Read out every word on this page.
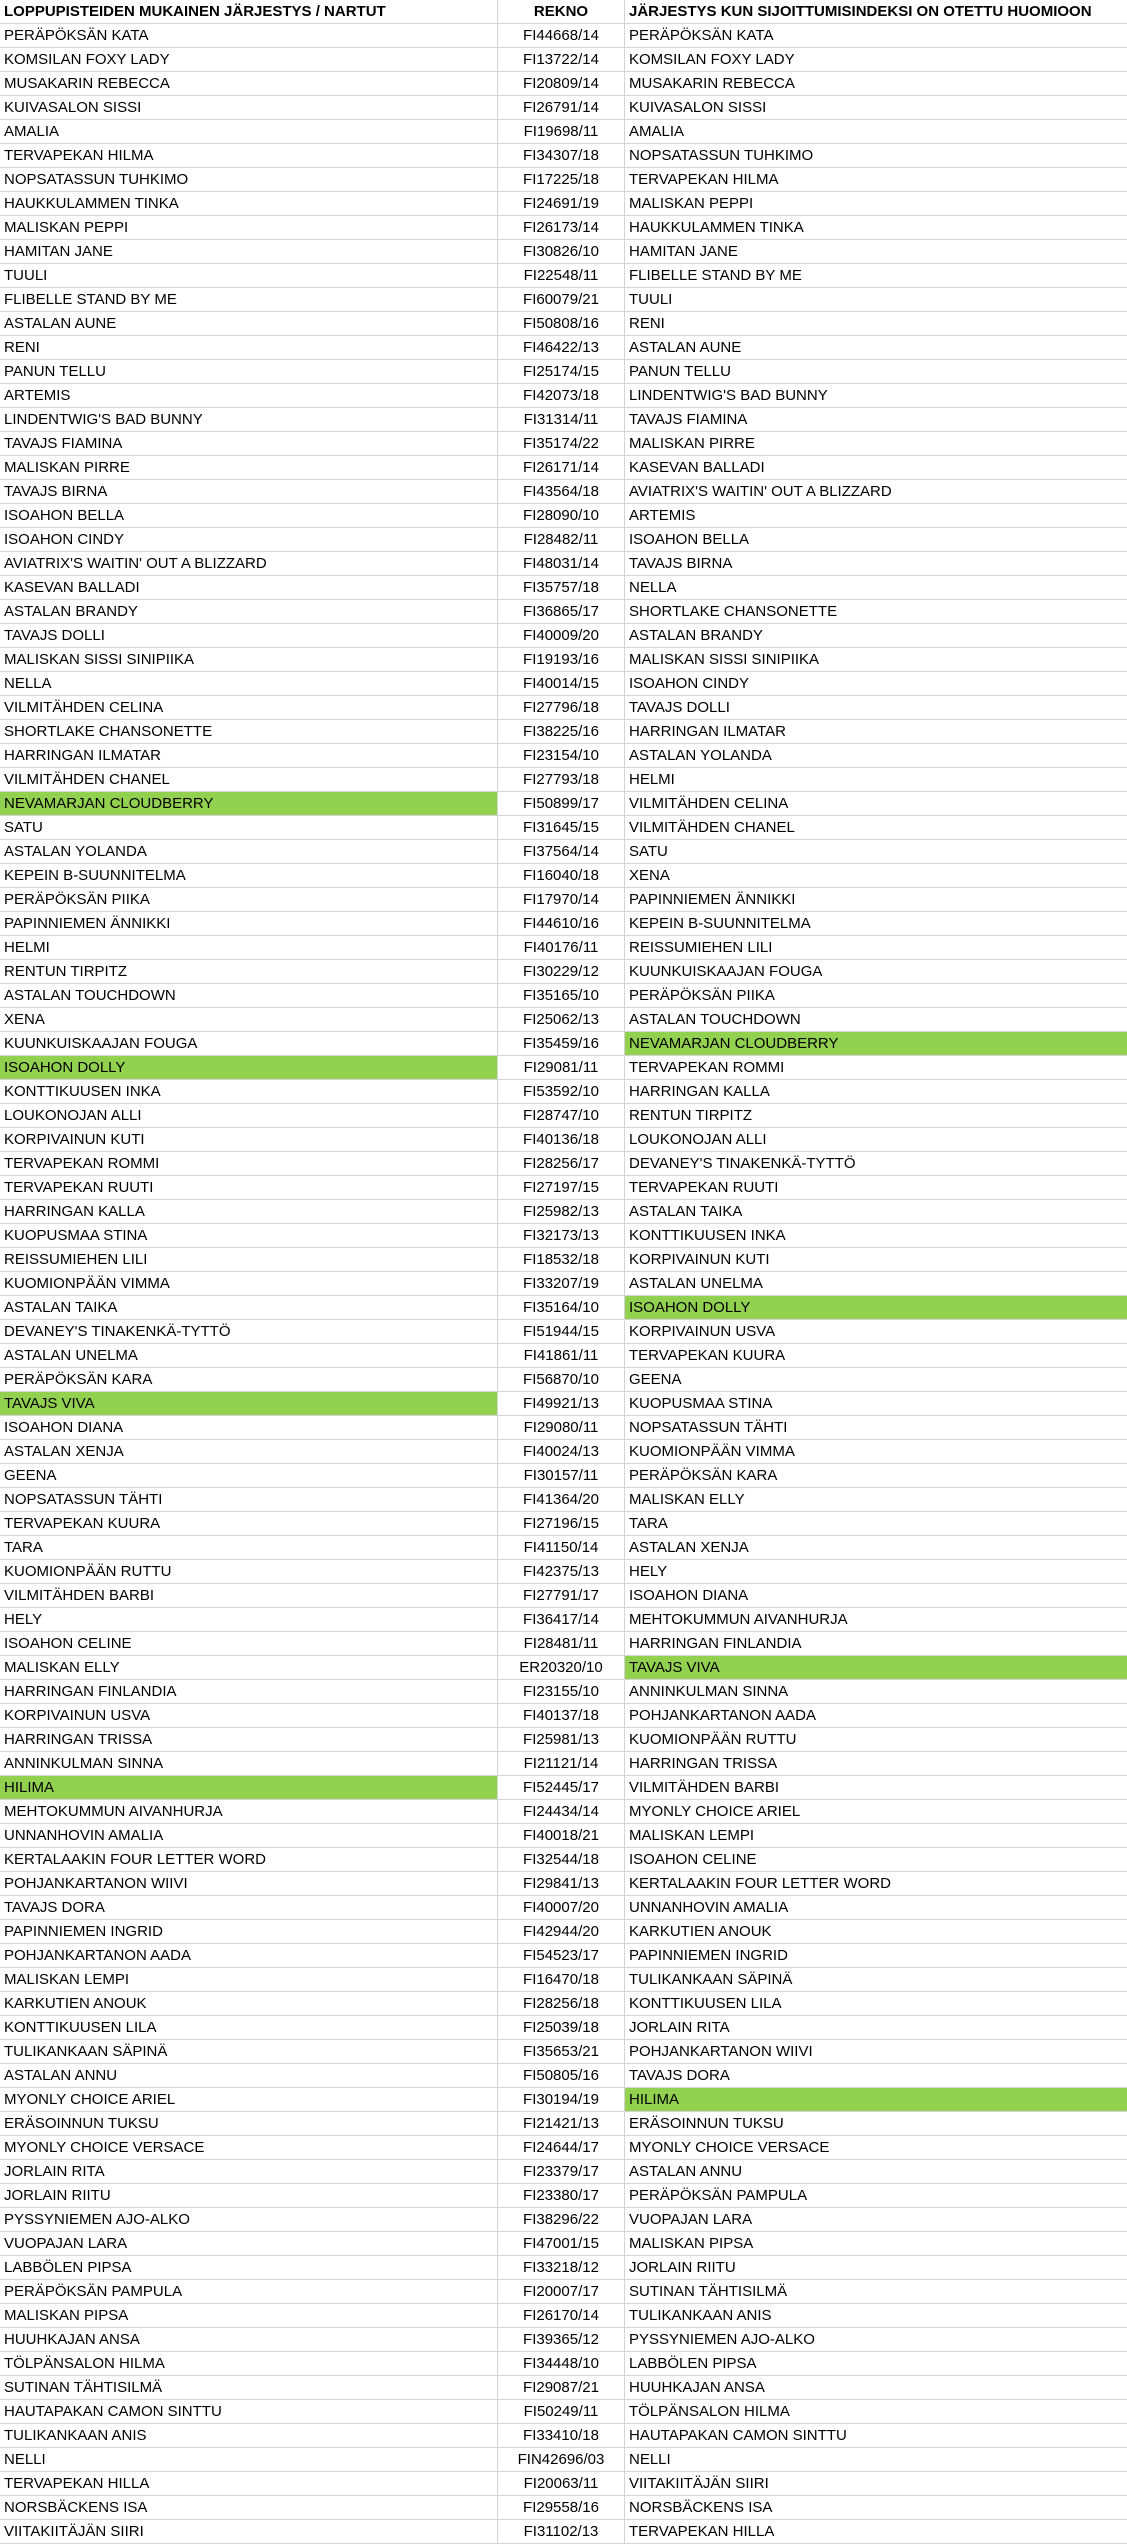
LOPPUPISTEIDEN MUKAINEN JÄRJESTYS / NARTUT	REKNO	JÄRJESTYS KUN SIJOITTUMISINDEKSI ON OTETTU HUOMIOON
PERÄPÖKSÄN KATA	FI44668/14	PERÄPÖKSÄN KATA
KOMSILAN FOXY LADY	FI13722/14	KOMSILAN FOXY LADY
MUSAKARIN REBECCA	FI20809/14	MUSAKARIN REBECCA
KUIVASALON SISSI	FI26791/14	KUIVASALON SISSI
AMALIA	FI19698/11	AMALIA
TERVAPEKAN HILMA	FI34307/18	NOPSATASSUN TUHKIMO
NOPSATASSUN TUHKIMO	FI17225/18	TERVAPEKAN HILMA
HAUKKULAMMEN TINKA	FI24691/19	MALISKAN PEPPI
MALISKAN PEPPI	FI26173/14	HAUKKULAMMEN TINKA
HAMITAN JANE	FI30826/10	HAMITAN JANE
TUULI	FI22548/11	FLIBELLE STAND BY ME
FLIBELLE STAND BY ME	FI60079/21	TUULI
ASTALAN AUNE	FI50808/16	RENI
RENI	FI46422/13	ASTALAN AUNE
PANUN TELLU	FI25174/15	PANUN TELLU
ARTEMIS	FI42073/18	LINDENTWIG'S BAD BUNNY
LINDENTWIG'S BAD BUNNY	FI31314/11	TAVAJS FIAMINA
TAVAJS FIAMINA	FI35174/22	MALISKAN PIRRE
MALISKAN PIRRE	FI26171/14	KASEVAN BALLADI
TAVAJS BIRNA	FI43564/18	AVIATRIX'S WAITIN' OUT A BLIZZARD
ISOAHON BELLA	FI28090/10	ARTEMIS
ISOAHON CINDY	FI28482/11	ISOAHON BELLA
AVIATRIX'S WAITIN' OUT A BLIZZARD	FI48031/14	TAVAJS BIRNA
KASEVAN BALLADI	FI35757/18	NELLA
ASTALAN BRANDY	FI36865/17	SHORTLAKE CHANSONETTE
TAVAJS DOLLI	FI40009/20	ASTALAN BRANDY
MALISKAN SISSI SINIPIIKA	FI19193/16	MALISKAN SISSI SINIPIIKA
NELLA	FI40014/15	ISOAHON CINDY
VILMITÄHDEN CELINA	FI27796/18	TAVAJS DOLLI
SHORTLAKE CHANSONETTE	FI38225/16	HARRINGAN ILMATAR
HARRINGAN ILMATAR	FI23154/10	ASTALAN YOLANDA
VILMITÄHDEN CHANEL	FI27793/18	HELMI
NEVAMARJAN CLOUDBERRY	FI50899/17	VILMITÄHDEN CELINA
SATU	FI31645/15	VILMITÄHDEN CHANEL
ASTALAN YOLANDA	FI37564/14	SATU
KEPEIN B-SUUNNITELMA	FI16040/18	XENA
PERÄPÖKSÄN PIIKA	FI17970/14	PAPINNIEMEN ÄNNIKKI
PAPINNIEMEN ÄNNIKKI	FI44610/16	KEPEIN B-SUUNNITELMA
HELMI	FI40176/11	REISSUMIEHEN LILI
RENTUN TIRPITZ	FI30229/12	KUUNKUISKAAJAN FOUGA
ASTALAN TOUCHDOWN	FI35165/10	PERÄPÖKSÄN PIIKA
XENA	FI25062/13	ASTALAN TOUCHDOWN
KUUNKUISKAAJAN FOUGA	FI35459/16	NEVAMARJAN CLOUDBERRY
ISOAHON DOLLY	FI29081/11	TERVAPEKAN ROMMI
KONTTIKUUSEN INKA	FI53592/10	HARRINGAN KALLA
LOUKONOJAN ALLI	FI28747/10	RENTUN TIRPITZ
KORPIVAINUN KUTI	FI40136/18	LOUKONOJAN ALLI
TERVAPEKAN ROMMI	FI28256/17	DEVANEY'S TINAKENKÄ-TYTTÖ
TERVAPEKAN RUUTI	FI27197/15	TERVAPEKAN RUUTI
HARRINGAN KALLA	FI25982/13	ASTALAN TAIKA
KUOPUSMAA STINA	FI32173/13	KONTTIKUUSEN INKA
REISSUMIEHEN LILI	FI18532/18	KORPIVAINUN KUTI
KUOMIONPÄÄN VIMMA	FI33207/19	ASTALAN UNELMA
ASTALAN TAIKA	FI35164/10	ISOAHON DOLLY
DEVANEY'S TINAKENKÄ-TYTTÖ	FI51944/15	KORPIVAINUN USVA
ASTALAN UNELMA	FI41861/11	TERVAPEKAN KUURA
PERÄPÖKSÄN KARA	FI56870/10	GEENA
TAVAJS VIVA	FI49921/13	KUOPUSMAA STINA
ISOAHON DIANA	FI29080/11	NOPSATASSUN TÄHTI
ASTALAN XENJA	FI40024/13	KUOMIONPÄÄN VIMMA
GEENA	FI30157/11	PERÄPÖKSÄN KARA
NOPSATASSUN TÄHTI	FI41364/20	MALISKAN ELLY
TERVAPEKAN KUURA	FI27196/15	TARA
TARA	FI41150/14	ASTALAN XENJA
KUOMIONPÄÄN RUTTU	FI42375/13	HELY
VILMITÄHDEN BARBI	FI27791/17	ISOAHON DIANA
HELY	FI36417/14	MEHTOKUMMUN AIVANHURJA
ISOAHON CELINE	FI28481/11	HARRINGAN FINLANDIA
MALISKAN ELLY	ER20320/10	TAVAJS VIVA
HARRINGAN FINLANDIA	FI23155/10	ANNINKULMAN SINNA
KORPIVAINUN USVA	FI40137/18	POHJANKARTANON AADA
HARRINGAN TRISSA	FI25981/13	KUOMIONPÄÄN RUTTU
ANNINKULMAN SINNA	FI21121/14	HARRINGAN TRISSA
HILIMA	FI52445/17	VILMITÄHDEN BARBI
MEHTOKUMMUN AIVANHURJA	FI24434/14	MYONLY CHOICE ARIEL
UNNANHOVIN AMALIA	FI40018/21	MALISKAN LEMPI
KERTALAAKIN FOUR LETTER WORD	FI32544/18	ISOAHON CELINE
POHJANKARTANON WIIVI	FI29841/13	KERTALAAKIN FOUR LETTER WORD
TAVAJS DORA	FI40007/20	UNNANHOVIN AMALIA
PAPINNIEMEN INGRID	FI42944/20	KARKUTIEN ANOUK
POHJANKARTANON AADA	FI54523/17	PAPINNIEMEN INGRID
MALISKAN LEMPI	FI16470/18	TULIKANKAAN SÄPINÄ
KARKUTIEN ANOUK	FI28256/18	KONTTIKUUSEN LILA
KONTTIKUUSEN LILA	FI25039/18	JORLAIN RITA
TULIKANKAAN SÄPINÄ	FI35653/21	POHJANKARTANON WIIVI
ASTALAN ANNU	FI50805/16	TAVAJS DORA
MYONLY CHOICE ARIEL	FI30194/19	HILIMA
ERÄSOINNUN TUKSU	FI21421/13	ERÄSOINNUN TUKSU
MYONLY CHOICE VERSACE	FI24644/17	MYONLY CHOICE VERSACE
JORLAIN RITA	FI23379/17	ASTALAN ANNU
JORLAIN RIITU	FI23380/17	PERÄPÖKSÄN PAMPULA
PYSSYNIEMEN AJO-ALKO	FI38296/22	VUOPAJAN LARA
VUOPAJAN LARA	FI47001/15	MALISKAN PIPSA
LABBÖLEN PIPSA	FI33218/12	JORLAIN RIITU
PERÄPÖKSÄN PAMPULA	FI20007/17	SUTINAN TÄHTISILMÄ
MALISKAN PIPSA	FI26170/14	TULIKANKAAN ANIS
HUUHKAJAN ANSA	FI39365/12	PYSSYNIEMEN AJO-ALKO
TÖLPÄNSALON HILMA	FI34448/10	LABBÖLEN PIPSA
SUTINAN TÄHTISILMÄ	FI29087/21	HUUHKAJAN ANSA
HAUTAPAKAN CAMON SINTTU	FI50249/11	TÖLPÄNSALON HILMA
TULIKANKAAN ANIS	FI33410/18	HAUTAPAKAN CAMON SINTTU
NELLI	FIN42696/03	NELLI
TERVAPEKAN HILLA	FI20063/11	VIITAKIITÄJÄN SIIRI
NORSBÄCKENS ISA	FI29558/16	NORSBÄCKENS ISA
VIITAKIITÄJÄN SIIRI	FI31102/13	TERVAPEKAN HILLA
